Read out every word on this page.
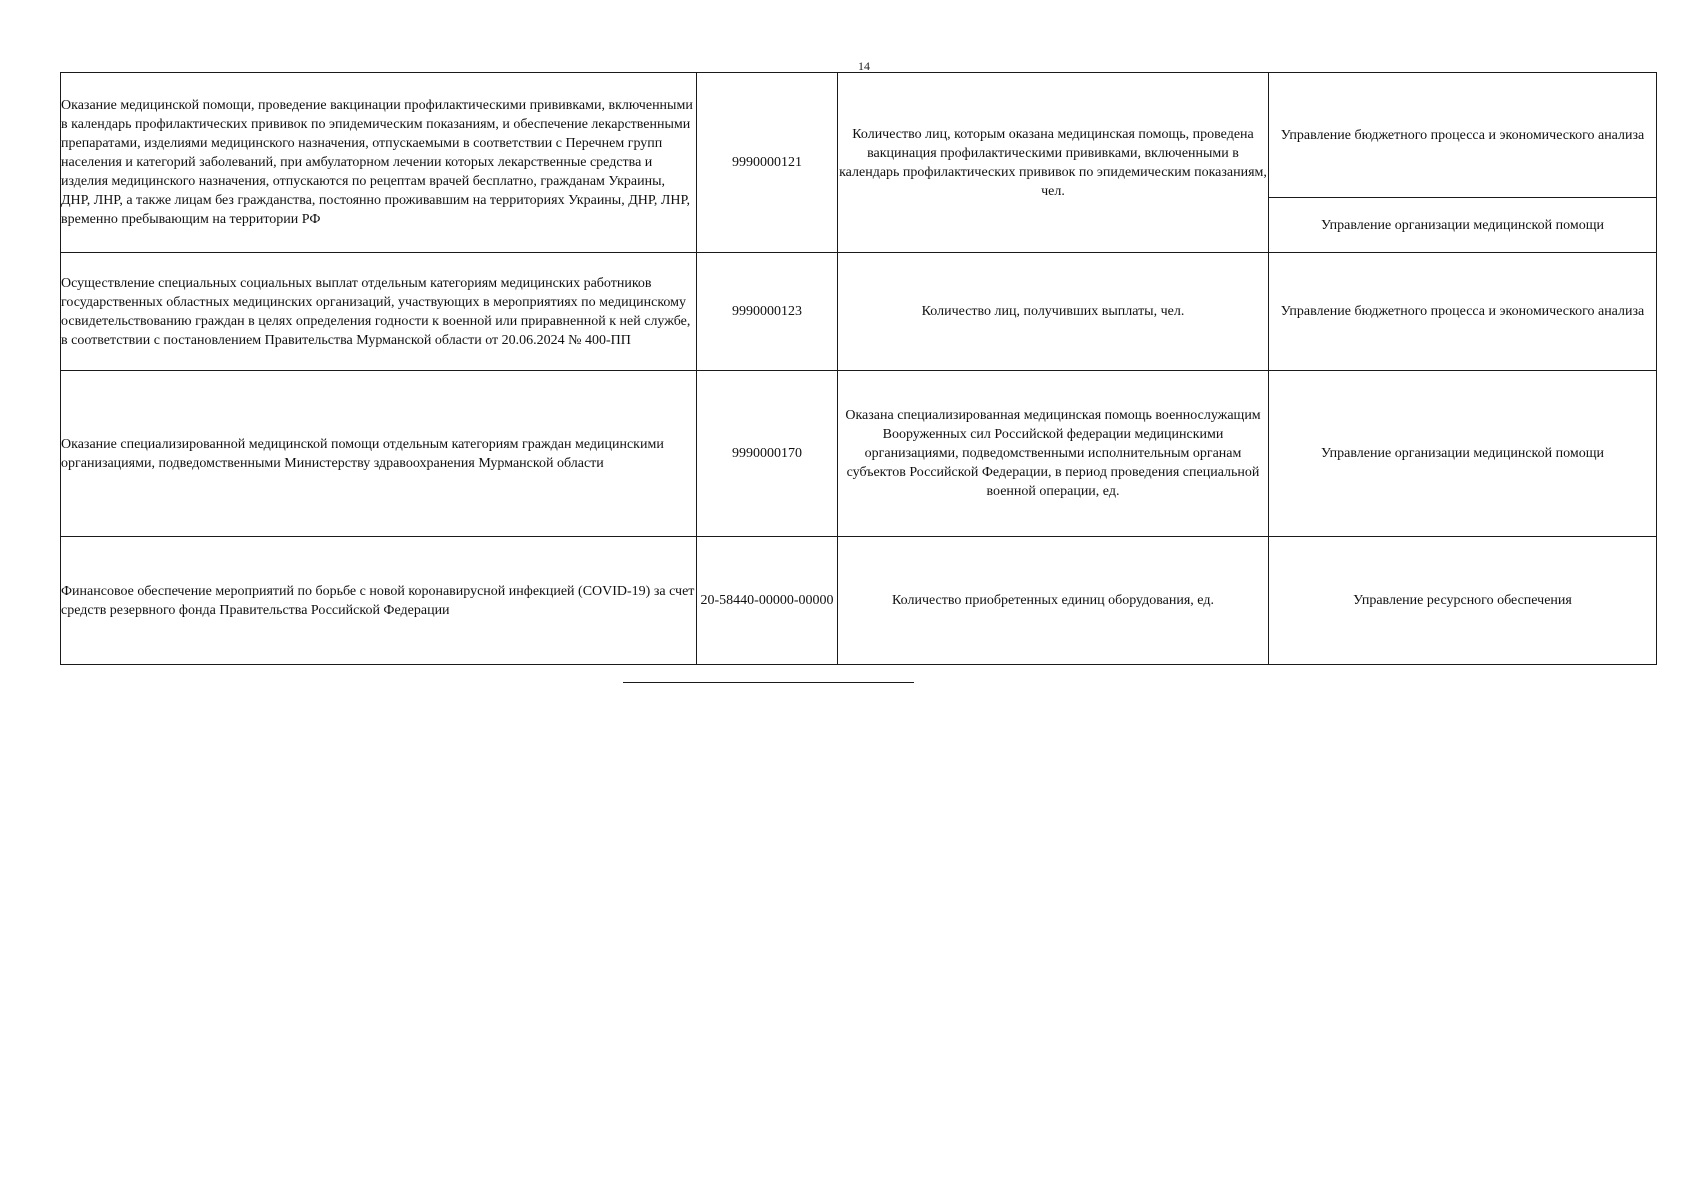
14
Оказание медицинской помощи, проведение вакцинации профилактическими прививками, включенными в календарь профилактических прививок по эпидемическим показаниям, и обеспечение лекарственными препаратами, изделиями медицинского назначения, отпускаемыми в соответствии с Перечнем групп населения и категорий заболеваний, при амбулаторном лечении которых лекарственные средства и изделия медицинского назначения, отпускаются по рецептам врачей бесплатно, гражданам Украины, ДНР, ЛНР, а также лицам без гражданства, постоянно проживавшим на территориях Украины, ДНР, ЛНР, временно пребывающим на территории РФ	9990000121	Количество лиц, которым оказана медицинская помощь, проведена вакцинация профилактическими прививками, включенными в календарь профилактических прививок по эпидемическим показаниям, чел.	Управление бюджетного процесса и экономического анализа
			Управление организации медицинской помощи
Осуществление специальных социальных выплат отдельным категориям медицинских работников государственных областных медицинских организаций, участвующих в мероприятиях по медицинскому освидетельствованию граждан в целях определения годности к военной или приравненной к ней службе, в соответствии с постановлением Правительства Мурманской области от 20.06.2024 № 400-ПП	9990000123	Количество лиц, получивших выплаты, чел.	Управление бюджетного процесса и экономического анализа
Оказание специализированной медицинской помощи отдельным категориям граждан медицинскими организациями, подведомственными Министерству здравоохранения Мурманской области	9990000170	Оказана специализированная медицинская помощь военнослужащим Вооруженных сил Российской федерации медицинскими организациями, подведомственными исполнительным органам субъектов Российской Федерации, в период проведения специальной военной операции, ед.	Управление организации медицинской помощи
Финансовое обеспечение мероприятий по борьбе с новой коронавирусной инфекцией (COVID-19) за счет средств резервного фонда Правительства Российской Федерации	20-58440-00000-00000	Количество приобретенных единиц оборудования, ед.	Управление ресурсного обеспечения
